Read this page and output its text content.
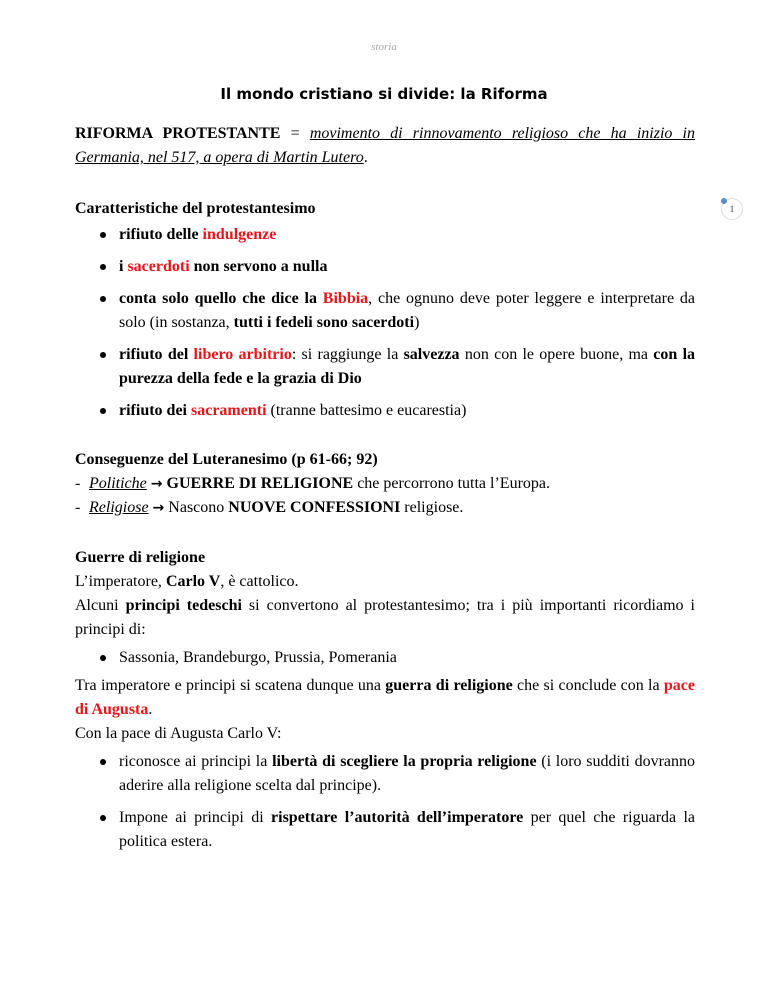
storia
1
Il mondo cristiano si divide: la Riforma

RIFORMA PROTESTANTE = movimento di rinnovamento religioso che ha inizio in Germania, nel 517, a opera di Martin Lutero.

Caratteristiche del protestantesimo

rifiuto delle indulgenze
i sacerdoti non servono a nulla
conta solo quello che dice la Bibbia, che ognuno deve poter leggere e interpretare da solo (in sostanza, tutti i fedeli sono sacerdoti)
rifiuto del libero arbitrio: si raggiunge la salvezza non con le opere buone, ma con la purezza della fede e la grazia di Dio
rifiuto dei sacramenti (tranne battesimo e eucarestia)

Conseguenze del Luteranesimo (p 61-66; 92)

- Politiche → GUERRE DI RELIGIONE che percorrono tutta l’Europa.

- Religiose → Nascono NUOVE CONFESSIONI religiose.

Guerre di religione

L’imperatore, Carlo V, è cattolico.

Alcuni principi tedeschi si convertono al protestantesimo; tra i più importanti ricordiamo i principi di:

Sassonia, Brandeburgo, Prussia, Pomerania

Tra imperatore e principi si scatena dunque una guerra di religione che si conclude con la pace di Augusta.

Con la pace di Augusta Carlo V:

riconosce ai principi la libertà di scegliere la propria religione (i loro sudditi dovranno aderire alla religione scelta dal principe).
Impone ai principi di rispettare l’autorità dell’imperatore per quel che riguarda la politica estera.
